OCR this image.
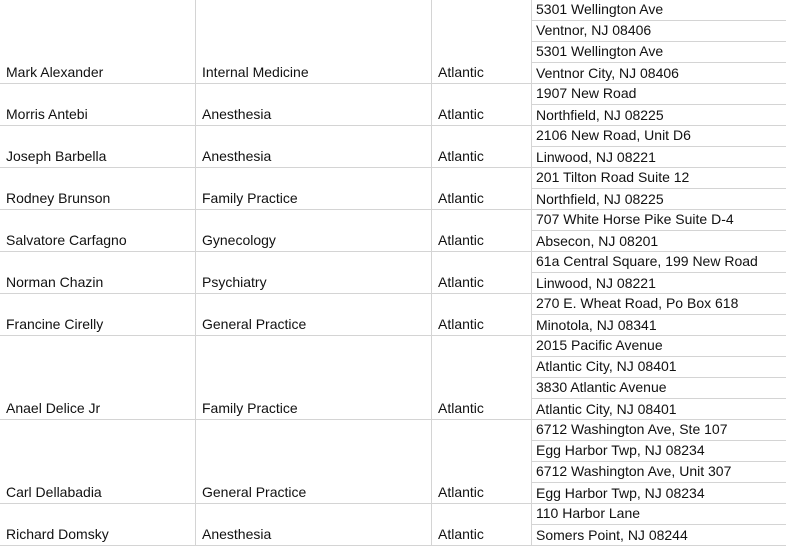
Mark Alexander	Internal Medicine	Atlantic
5301 Wellington Ave
Ventnor, NJ 08406
5301 Wellington Ave
Ventnor City, NJ 08406
Morris Antebi	Anesthesia	Atlantic
1907 New Road
Northfield, NJ 08225
Joseph Barbella	Anesthesia	Atlantic
2106 New Road, Unit D6
Linwood, NJ 08221
Rodney Brunson	Family Practice	Atlantic
201 Tilton Road Suite 12
Northfield, NJ 08225
Salvatore Carfagno	Gynecology	Atlantic
707 White Horse Pike Suite D-4
Absecon, NJ 08201
Norman Chazin	Psychiatry	Atlantic
61a Central Square, 199 New Road
Linwood, NJ 08221
Francine Cirelly	General Practice	Atlantic
270 E. Wheat Road, Po Box 618
Minotola, NJ 08341
Anael Delice Jr	Family Practice	Atlantic
2015 Pacific Avenue
Atlantic City, NJ 08401
3830 Atlantic Avenue
Atlantic City, NJ 08401
Carl Dellabadia	General Practice	Atlantic
6712 Washington Ave, Ste 107
Egg Harbor Twp, NJ 08234
6712 Washington Ave, Unit 307
Egg Harbor Twp, NJ 08234
Richard Domsky	Anesthesia	Atlantic
110 Harbor Lane
Somers Point, NJ 08244
